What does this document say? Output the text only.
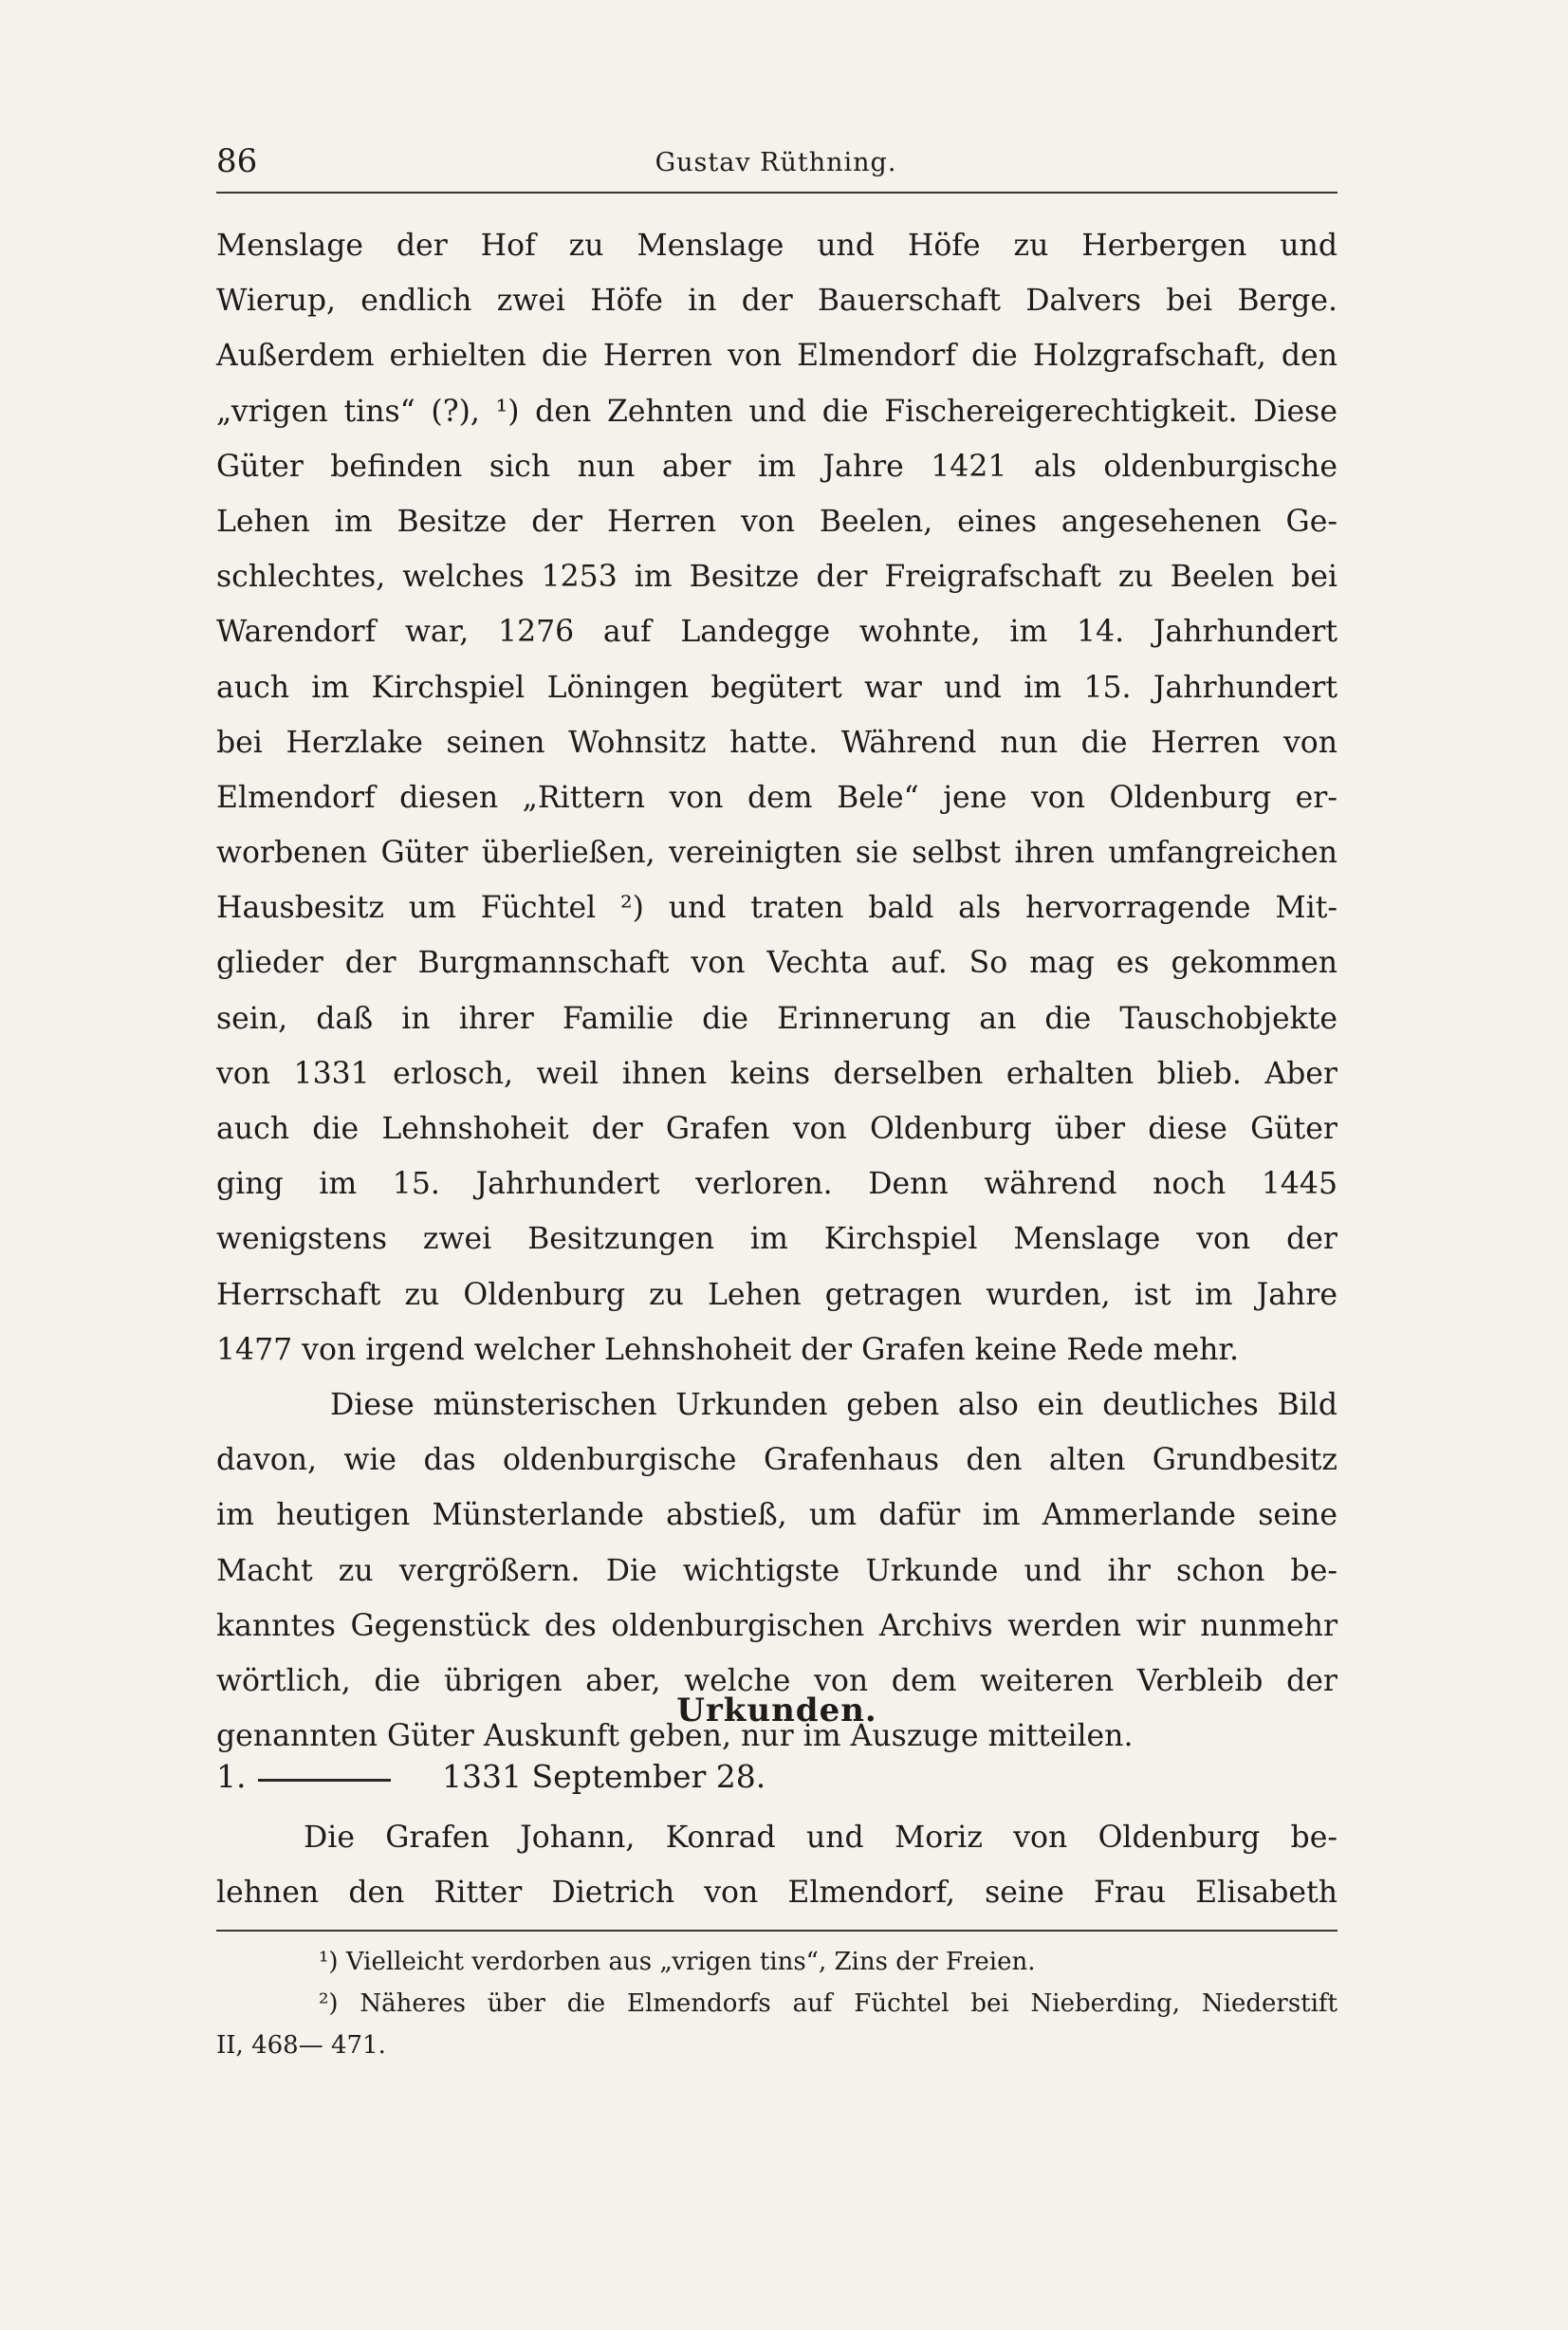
86	Gustav Rüthning.
Menslage der Hof zu Menslage und Höfe zu Herbergen und
Wierup, endlich zwei Höfe in der Bauerschaft Dalvers bei Berge.
Außerdem erhielten die Herren von Elmendorf die Holzgrafschaft, den
„vrigen tins“ (?), ¹) den Zehnten und die Fischereigerechtigkeit. Diese
Güter befinden sich nun aber im Jahre 1421 als oldenburgische
Lehen im Besitze der Herren von Beelen, eines angesehenen Ge-
schlechtes, welches 1253 im Besitze der Freigrafschaft zu Beelen bei
Warendorf war, 1276 auf Landegge wohnte, im 14. Jahrhundert
auch im Kirchspiel Löningen begütert war und im 15. Jahrhundert
bei Herzlake seinen Wohnsitz hatte. Während nun die Herren von
Elmendorf diesen „Rittern von dem Bele“ jene von Oldenburg er-
worbenen Güter überließen, vereinigten sie selbst ihren umfangreichen
Hausbesitz um Füchtel ²) und traten bald als hervorragende Mit-
glieder der Burgmannschaft von Vechta auf. So mag es gekommen
sein, daß in ihrer Familie die Erinnerung an die Tauschobjekte
von 1331 erlosch, weil ihnen keins derselben erhalten blieb. Aber
auch die Lehnshoheit der Grafen von Oldenburg über diese Güter
ging im 15. Jahrhundert verloren. Denn während noch 1445
wenigstens zwei Besitzungen im Kirchspiel Menslage von der
Herrschaft zu Oldenburg zu Lehen getragen wurden, ist im Jahre
1477 von irgend welcher Lehnshoheit der Grafen keine Rede mehr.
Diese münsterischen Urkunden geben also ein deutliches Bild
davon, wie das oldenburgische Grafenhaus den alten Grundbesitz
im heutigen Münsterlande abstieß, um dafür im Ammerlande seine
Macht zu vergrößern. Die wichtigste Urkunde und ihr schon be-
kanntes Gegenstück des oldenburgischen Archivs werden wir nunmehr
wörtlich, die übrigen aber, welche von dem weiteren Verbleib der
genannten Güter Auskunft geben, nur im Auszuge mitteilen.
Urkunden.
1.	1331 September 28.
Die Grafen Johann, Konrad und Moriz von Oldenburg be-
lehnen den Ritter Dietrich von Elmendorf, seine Frau Elisabeth
¹) Vielleicht verdorben aus „vrigen tins“, Zins der Freien.
²) Näheres über die Elmendorfs auf Füchtel bei Nieberding, Niederstift
II, 468— 471.
